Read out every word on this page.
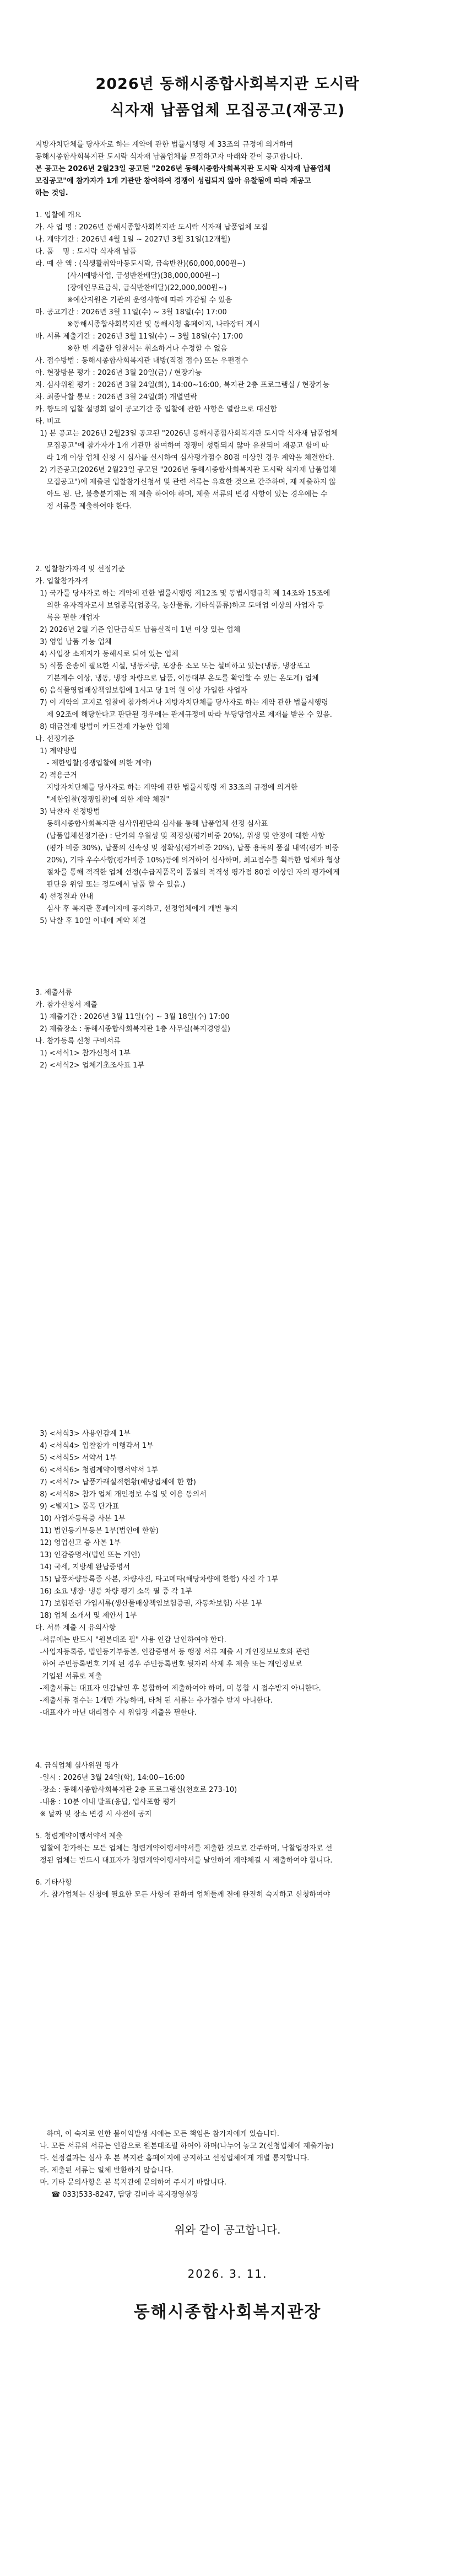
2026년 동해시종합사회복지관 도시락
식자재 납품업체 모집공고(재공고)

지방자치단체를 당사자로 하는 계약에 관한 법률시행령 제 33조의 규정에 의거하여

동해시종합사회복지관 도시락 식자재 납품업체를 모집하고자 아래와 같이 공고합니다.

본 공고는 2026년 2월23일 공고된 "2026년 동해시종합사회복지관 도시락 식자재 납품업체

모집공고"에 참가자가 1개 기관만 참여하여 경쟁이 성립되지 않아 유찰됨에 따라 재공고

하는 것임.

1. 입찰에 개요

가. 사 업 명 : 2026년 동해시종합사회복지관 도시락 식자재 납품업체 모집

나. 계약기간 : 2026년 4월 1일 ~ 2027년 3월 31일(12개월)

다. 품    명 : 도시락 식자재 납품

라. 예 산 액 : (식생활취약아동도시락, 급속반찬)(60,000,000원~)

(사시예방사업, 급성반찬배달)(38,000,000원~)

(장애인무료급식, 급식반찬배달)(22,000,000원~)

※예산지원은 기관의 운영사항에 따라 가감될 수 있음

마. 공고기간 : 2026년 3월 11일(수) ~ 3월 18일(수) 17:00

※동해시종합사회복지관 및 동해시청 홈페이지, 나라장터 게시

바. 서류 제출기간 : 2026년 3월 11일(수) ~ 3월 18일(수) 17:00

※한 번 제출한 입찰서는 취소하거나 수정할 수 없음

사. 접수방법 : 동해시종합사회복지관 내방(직접 접수) 또는 우편접수

아. 현장방문 평가 : 2026년 3월 20일(금) / 현장가능

자. 심사위원 평가 : 2026년 3월 24일(화), 14:00~16:00, 복지관 2층 프로그램실 / 현장가능

차. 최종낙찰 통보 : 2026년 3월 24일(화) 개별연락

카. 향도의 입찰 설명회 없이 공고기간 중 입찰에 관한 사항은 열람으로 대신함

타. 비고

1) 본 공고는 2026년 2월23일 공고된 "2026년 동해시종합사회복지관 도시락 식자재 납품업체

모집공고"에 참가자가 1개 기관만 참여하여 경쟁이 성립되지 않아 유찰되어 재공고 함에 따

라 1개 이상 업체 신청 시 심사를 실시하여 심사평가점수 80점 이상일 경우 계약을 체결한다.

2) 기존공고(2026년 2월23일 공고된 "2026년 동해시종합사회복지관 도시락 식자재 납품업체

모집공고")에 제출된 입찰참가신청서 및 관련 서류는 유효한 것으로 간주하며, 재 제출하지 않

아도 됨. 단, 불충분기재는 재 제출 하여야 하며, 제출 서류의 변경 사항이 있는 경우에는 수

정 서류를 제출하여야 한다.

2. 입찰참가자격 및 선정기준

가. 입찰참가자격

1) 국가를 당사자로 하는 계약에 관한 법률시행령 제12조 및 동법시행규칙 제 14조와 15조에

의한 유자격자로서 보업종목(업종목, 농산물류, 기타식품류)하고 도매업 이상의 사업자 등

록을 필한 개업자

2) 2026년 2월 기준 입단급식도 납품실적이 1년 이상 있는 업체

3) 영업 납품 가능 업체

4) 사업장 소재지가 동해시로 되어 있는 업체

5) 식품 운송에 필요한 시설, 냉동차량, 포장용 소모 또는 설비하고 있는(냉동, 냉장포고

기본계수 이상, 냉동, 냉장 차량으로 납품, 이동대부 온도를 확인할 수 있는 온도계) 업체

6) 음식물영업배상책임보험에 1시고 당 1억 원 이상 가입한 사업자

7) 이 계약의 고지로 입찰에 참가하거나 지방자치단체를 당사자로 하는 계약 관한 법률시행령

제 92조에 해당한다고 판단될 경우에는 관계규정에 따라 부당당업자로 제재를 받을 수 있음.

8) 대금결제 방법이 카드결제 가능한 업체

나. 선정기준

1) 계약방법

- 제한입찰(경쟁입찰에 의한 계약)

2) 적용근거

지방자치단체를 당사자로 하는 계약에 관한 법률시행령 제 33조의 규정에 의거한

"제한입찰(경쟁입찰)에 의한 계약 체결"

3) 낙찰자 선정방법

동해시종합사회복지관 심사위원단의 심사를 통해 납품업체 선정 심사표

(납품업체선정기준) : 단가의 우월성 및 적정성(평가비중 20%), 위생 및 안정에 대한 사항

(평가 비중 30%), 납품의 신속성 및 정확성(평가비중 20%), 납품 용독의 품질 내역(평가 비중

20%), 기타 우수사항(평가비중 10%)등에 의거하여 심사하며, 최고점수를 획득한 업체와 협상

절차를 통해 적격한 업체 선정(수급지품목이 품질의 적격성 평가점 80점 이상인 자의 평가에게

판단을 위임 또는 정도에서 납품 할 수 있음.)

4) 선정결과 안내

심사 후 복지관 홈페이지에 공지하고, 선정업체에게 개별 통지

5) 낙찰 후 10일 이내에 계약 체결

3. 제출서류

가. 참가신청서 제출

1) 제출기간 : 2026년 3월 11일(수) ~ 3월 18일(수) 17:00

2) 제출장소 : 동해시종합사회복지관 1층 사무실(복지경영실)

나. 참가등록 신청 구비서류

1) <서식1> 참가신청서 1부

2) <서식2> 업체기초조사표 1부

3) <서식3> 사용인감계 1부

4) <서식4> 입찰참가 이행각서 1부

5) <서식5> 서약서 1부

6) <서식6> 청렴계약이행서약서 1부

7) <서식7> 납품가래실적현황(해당업체에 한 함)

8) <서식8> 참가 업체 개인정보 수집 및 이용 동의서

9) <별지1> 품목 단가표

10) 사업자등록증 사본 1부

11) 법인등기부등본 1부(법인에 한함)

12) 영업신고 증 사본 1부

13) 인감증명서(법인 또는 개인)

14) 국세, 지방세 완납증명서

15) 납품차량등록증 사본, 차량사진, 타고메타(해당차량에 한함) 사진 각 1부

16) 소요 냉장· 냉동 차량 평기 소독 필 증 각 1부

17) 보험관련 가입서류(생산물배상책임보험증권, 자동차보험) 사본 1부

18) 업체 소개서 및 제안서 1부

다. 서류 제출 시 유의사항

-서류에는 반드시 "원본대조 필" 사용 인감 날인하여야 한다.

-사업자등록증, 법인등기부등본, 인감증명서 등 행정 서류 제출 시 개인정보보호와 관련

하여 주민등록번호 기재 된 경우 주민등록번호 뒷자리 삭제 후 제출 또는 개인정보로

기입된 서류로 제출

-제출서류는 대표자 인감날인 후 봉합하여 제출하여야 하며, 미 봉합 시 접수받지 아니한다.

-제출서류 접수는 1개만 가능하며, 타처 된 서류는 추가접수 받지 아니한다.

-대표자가 아닌 대리접수 시 위임장 제출을 필한다.

4. 급식업체 심사위원 평가

-일시 : 2026년 3월 24일(화), 14:00~16:00

-장소 : 동해시종합사회복지관 2층 프로그램실(천호로 273-10)

-내용 : 10분 이내 발표(응답, 업사포함 평가

※ 날짜 및 장소 변경 시 사전에 공지

5. 청렴계약이행서약서 제출

입찰에 참가하는 모든 업체는 청렴계약이행서약서를 제출한 것으로 간주하며, 낙찰업장자로 선

정된 업체는 반드시 대표자가 청렴계약이행서약서를 날인하여 계약체결 시 제출하여야 합니다.

6. 기타사항

가. 참가업체는 신청에 필요한 모든 사항에 관하여 업체들께 전에 완전히 숙지하고 신청하여야

하며, 이 숙지로 인한 불이익발생 시에는 모든 책임은 참가자에게 있습니다.

나. 모든 서류의 서류는 인감으로 원본대조필 하여야 하며(나누어 놓고 2(신청업체에 제출가능)

다. 선정결과는 심사 후 본 복지관 홈페이지에 공지하고 선정업체에게 개별 통지합니다.

라. 제출된 서류는 일체 반환하지 않습니다.

마. 기타 문의사항은 본 복지관에 문의하여 주시기 바랍니다.

☎ 033)533-8247, 담당 김미라 복지경영실장

위와 같이 공고합니다.
2026. 3. 11.
동해시종합사회복지관장
